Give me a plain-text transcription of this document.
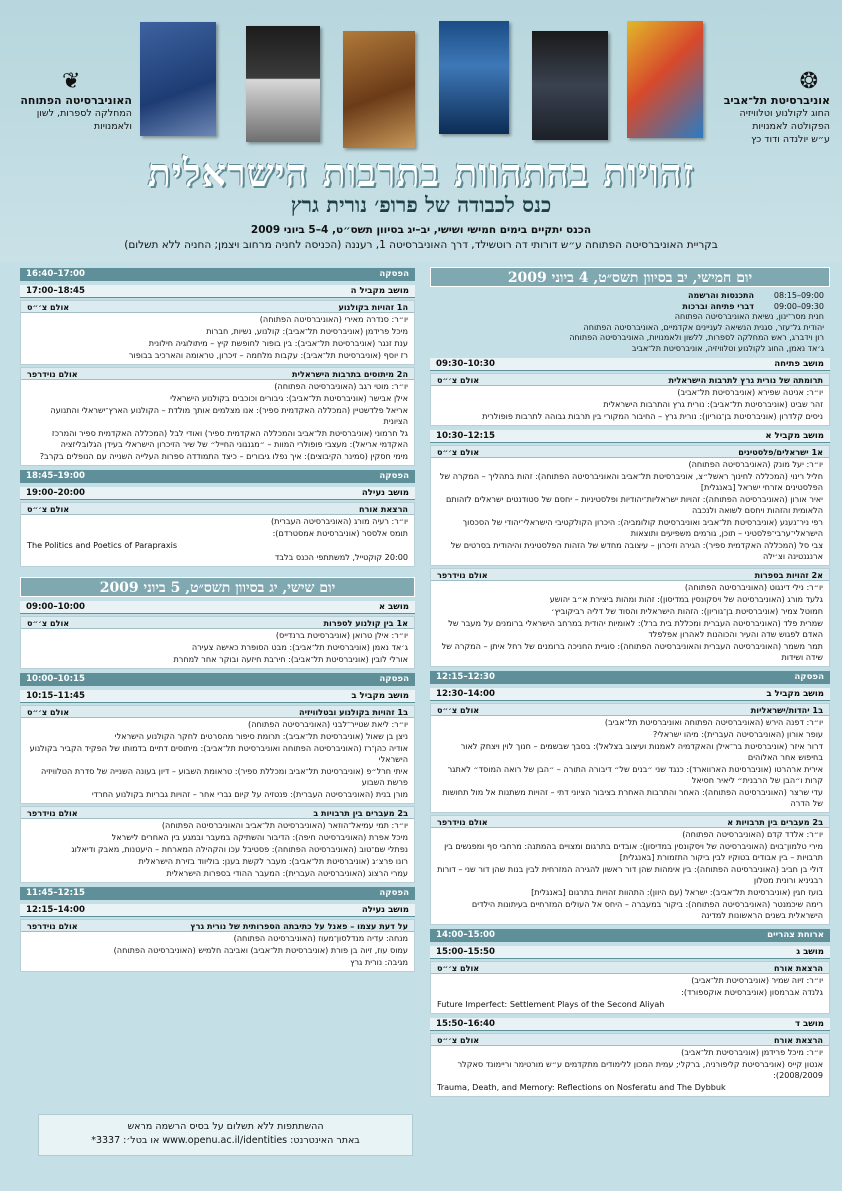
❂
אוניברסיטת תל־אביב
החוג לקולנוע וטלוויזיה
הפקולטה לאמנויות
ע״ש יולנדה ודוד כץ
❦
האוניברסיטה הפתוחה
המחלקה לספרות, לשון ולאמנויות
זהויות בהתהוות בתרבות הישראלית
כנס לכבודה של פרופ׳ נורית גרץ
הכנס יתקיים בימים חמישי ושישי, יב–יג בסיוון תשס״ט, 4–5 ביוני 2009
בקריית האוניברסיטה הפתוחה ע״ש דורותי דה רוטשילד, דרך האוניברסיטה 1, רעננה (הכניסה לחניה מרחוב ויצמן; החניה ללא תשלום)
יום חמישי, יב בסיוון תשס״ט, 4 ביוני 2009
08:15–09:00
התכנסות והרשמה
09:00–09:30
דברי פתיחה וברכות

חנית מסר־ינון, נשיאת האוניברסיטה הפתוחה

יהודית גל־עזר, סגנית הנשיאה לעניינים אקדמיים, האוניברסיטה הפתוחה

רון וידברג, ראש המחלקה לספרות, ללשון ולאמנויות, האוניברסיטה הפתוחה

ג׳אד נאמן, החוג לקולנוע וטלוויזיה, אוניברסיטת תל־אביב

מושב פתיחה
09:30–10:30
תרומתה של נורית גרץ לתרבות הישראלית
אולם צ׳״ס

יו״ר: אניטה שפירא (אוניברסיטת תל־אביב)

זהר שביט (אוניברסיטת תל־אביב): נורית גרץ והתרבות הישראלית

ניסים קלדרון (אוניברסיטת בן־גוריון): נורית גרץ – החיבור המקורי בין תרבות גבוהה לתרבות פופולרית

מושב מקביל א
10:30–12:15
א1 ישראלים/פלסטינים
אולם צ׳״ס

יו״ר: יעל מונק (האוניברסיטה הפתוחה)

חליל רינוי (המכללה לחינוך ראשל״צ, אוניברסיטת תל־אביב והאוניברסיטה הפתוחה): זהות בתהליך – המקרה של הפלסטינים אזרחי ישראל [באנגלית]

יאיר אורון (האוניברסיטה הפתוחה): זהויות ישראליות־יהודיות ופלסטיניות – יחסם של סטודנטים ישראלים לזהותם הלאומית והזהות ויחסם לשואה ולנכבה

רפי ניר־נענע (אוניברסיטת תל־אביב ואוניברסיטת קולומביה): היכרון הקולקטיבי הישראלי־יהודי של הסכסוך הישראלי־ערבי־פלסטיני – תוכן, גורמים משפיעים ותוצאות

צבי סל (המכללה האקדמית ספיר): הגירה וזיכרון – עיצובה מחדש של הזהות הפלסטינית והיהודית בסרטים של ארנגנטינה וצ׳ילה

א2 זהויות בספרות
אולם נוידרפר

יו״ר: נילי דינגוט (האוניברסיטה הפתוחה)

גלעד מורג (האוניברסיטה של ויסקונסין במדיסון): זהות ומהות ביצירת א״ב יהושע

חמוטל צמיר (אוניברסיטת בן־גוריון): הזהות הישראלית והסוד של דליה רביקוביץ׳

שמרית פלד (האוניברסיטה העברית ומכללת בית ברל): לאומיות יהודית במרחב הישראלי ברומנים על מעבר של האדם לפגוש שדה והעיר והכוהנות לאהרון אפלפלד

תמר משמר (האוניברסיטה העברית והאוניברסיטה הפתוחה): סוגיית החניכה ברומנים של רחל איתן – המקרה של שידה ושידות

הפסקה
12:15–12:30
מושב מקביל ב
12:30–14:00
ב1 יהדות/ישראליות
אולם צ׳״ס

יו״ר: דפנה הירש (האוניברסיטה הפתוחה ואוניברסיטת תל־אביב)

עופר אורון (האוניברסיטה העברית): מיהו ישראלי?

דרור איזר (אוניברסיטת בר־אילן והאקדמיה לאמנות ועיצוב בצלאל): בסבך שבשמים – חנוך לוין ויצחק לאור בחיפוש אחר האלוהים

אירית ארהרטו (אוניברסיטת הארווארד): כנגד שני ״בנים של״ דיבורה התורה – ״הבן של רואה המוסד״ לאתגר קרות ו״הבן של הרבנית״ ליאיר חסיאל

עדי שרצר (האוניברסיטה הפתוחה): האחר והתרבות האחרת בציבור הציוני דתי – זהויות משתנות אל מול תחושות של הדרה

ב2 מעברים בין תרבויות א
אולם נוידרפר

יו״ר: אלדד קדם (האוניברסיטה הפתוחה)

מירי טלמון־בוים (האוניברסיטה של ויסקונסין במדיסון): אובדים בתרגום ומצויים בהמתנה: מרחבי סף ומפגשים בין תרבויות – בין אבודים בטוקיו לבין ביקור התזמורת [באנגלית]

דולי בן חביב (האוניברסיטה הפתוחה): בין אימהות שהן דור ראשון להגירה המזרחית לבין בנות שהן דור שני – דורות רבגיניא ורונית מטלון

בועז חגין (אוניברסיטת תל־אביב): ישראל (עם היוון): התהוות זהויות בתרגום [באנגלית]

רימה שיכמנטר (האוניברסיטה הפתוחה): ביקור במעברה – היחס אל העולים המזרחיים בעיתונות הילדים הישראלית בשנים הראשונות למדינה

ארוחת צהריים
14:00–15:00
מושב ג
15:00–15:50
הרצאת אורח
אולם צ׳״ס

יו״ר: זיוה שמיר (אוניברסיטת תל־אביב)

גלנדה אברמסון (אוניברסיטת אוקספורד):

Future Imperfect: Settlement Plays of the Second Aliyah

מושב ד
15:50–16:40
הרצאת אורח
אולם צ׳״ס

יו״ר: מיכל פרידמן (אוניברסיטת תל־אביב)

אנטון קייס (אוניברסיטת קליפורניה, ברקלי; עמית המכון ללימודים מתקדמים ע״ש מורטימר וריימונד סאקלר 2008/2009):

Trauma, Death, and Memory: Reflections on Nosferatu and The Dybbuk

הפסקה
16:40–17:00
מושב מקביל ה
17:00–18:45
ה1 זהויות בקולנוע
אולם צ׳״ס

יו״ר: סנדרה מאירי (האוניברסיטה הפתוחה)

מיכל פרידמן (אוניברסיטת תל־אביב): קולנוע, נשיות, חברות

ענת זנגר (אוניברסיטת תל־אביב): בין בופור לחופשת קיץ – מיתולוגיה חילונית

רז יוסף (אוניברסיטת תל־אביב): עקבות מלחמה – זיכרון, טראומה והארכיב בבופור

ה2 מיתוסים בתרבות הישראלית
אולם נוידרפר

יו״ר: מוטי רגב (האוניברסיטה הפתוחה)

אילן אבישר (אוניברסיטת תל־אביב): גיבורים וכוכבים בקולנוע הישראלי

אריאל פלדשטיין (המכללה האקדמית ספיר): אנו מצלמים אותך מולדת – הקולנוע הארץ־ישראלי והתנועה הציונית

גל חרמוני (אוניברסיטת תל־אביב והמכללה האקדמית ספיר) ואודי לבל (המכללה האקדמית ספיר והמרכז האקדמי אריאל): מעצבי פופולרי המוות – ״מגנגוני החייל״ של שיר הזיכרון הישראלי בעידן הגלובליזציה

מימי חסקין (סמינר הקיבוצים): איך נפלו גיבורים – כיצד התמודדה ספרות העלייה השנייה עם הנופלים בקרב?

הפסקה
18:45–19:00
מושב נעילה
19:00–20:00
הרצאת אורח
אולם צ׳״ס

יו״ר: רעיה מורג (האוניברסיטה העברית)

תומס אלססר (אוניברסיטת אמסטרדם):

The Politics and Poetics of Parapraxis

20:00 קוקטייל, למשתתפי הכנס בלבד

יום שישי, יג בסיוון תשס״ט, 5 ביוני 2009
מושב א
09:00–10:00
א1 בין קולנוע לספרות
אולם צ׳״ס

יו״ר: אילן טרואן (אוניברסיטת ברנדייס)

ג׳אד נאמן (אוניברסיטת תל־אביב): מבט הסופרת כאישה צעירה

אורלי לובין (אוניברסיטת תל־אביב): חירבת חיזעה ובוקר אחר למחרת

הפסקה
10:00–10:15
מושב מקביל ב
10:15–11:45
ב1 זהויות בקולנוע ובטלוויזיה
אולם צ׳״ס

יו״ר: ליאת שטייר־לבני (האוניברסיטה הפתוחה)

ניצן בן שאול (אוניברסיטת תל־אביב): תרומת סיפור מהסרטים לחקר הקולנוע הישראלי

אודיה כהן־רז (האוניברסיטה הפתוחה ואוניברסיטת תל־אביב): מיתוסים דתיים בדמותו של הפקיד הקביר בקולנוע הישראלי

איתי חרל״פ (אוניברסיטת תל־אביב ומכללת ספיר): טראומת השבוע – דיון בעונה השנייה של סדרת הטלוויזיה פרשת השבוע

מורן בנית (האוניברסיטה העברית): פנטזיה על קיום גברי אחר – זהויות גבריות בקולנוע החרדי

ב2 מעברים בין תרבויות ב
אולם נוידרפר

יו״ר: תמי עמיאל־הוזאר (האוניברסיטה תל־אביב והאוניברסיטה הפתוחה)

מיכל אפרת (האוניברסיטה חיפה): הדיבור והשתיקה במעבר ובמגע בין האחרים לישראל

נפתלי שם־טוב (האוניברסיטה הפתוחה): פסטיבל עכו והקהילה המארחת – היעטנות, מאבק ודיאלוג

רונו פרצ׳ג (אוניברסיטת תל־אביב): מעבר לקשת בענן: בוליווד בזירת הישראלית

עמרי הרצוג (האוניברסיטה העברית): המעבר ההודי בספרות הישראלית

הפסקה
11:45–12:15
מושב נעילה
12:15–14:00
על דעת עצמו – פאנל על כתיבתה הספרותית של נורית גרץ
אולם נוידרפר

מנחה: עדיה מנדלסון־מעוז (האוניברסיטה הפתוחה)

עמוס עוז, זיוה בן פורת (אוניברסיטת תל־אביב) ואביבה חלמיש (האוניברסיטה הפתוחה)

מגיבה: נורית גרץ

ההשתתפות ללא תשלום על בסיס הרשמה מראש
באתר האינטרנט: www.openu.ac.il/identities או בטל׳: 3337*
